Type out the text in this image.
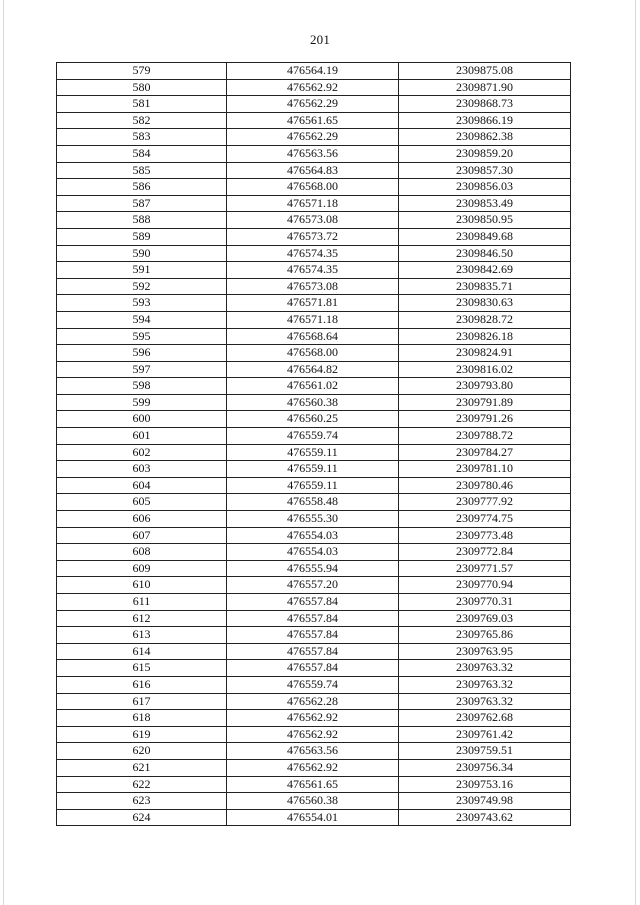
201
579	476564.19	2309875.08
580	476562.92	2309871.90
581	476562.29	2309868.73
582	476561.65	2309866.19
583	476562.29	2309862.38
584	476563.56	2309859.20
585	476564.83	2309857.30
586	476568.00	2309856.03
587	476571.18	2309853.49
588	476573.08	2309850.95
589	476573.72	2309849.68
590	476574.35	2309846.50
591	476574.35	2309842.69
592	476573.08	2309835.71
593	476571.81	2309830.63
594	476571.18	2309828.72
595	476568.64	2309826.18
596	476568.00	2309824.91
597	476564.82	2309816.02
598	476561.02	2309793.80
599	476560.38	2309791.89
600	476560.25	2309791.26
601	476559.74	2309788.72
602	476559.11	2309784.27
603	476559.11	2309781.10
604	476559.11	2309780.46
605	476558.48	2309777.92
606	476555.30	2309774.75
607	476554.03	2309773.48
608	476554.03	2309772.84
609	476555.94	2309771.57
610	476557.20	2309770.94
611	476557.84	2309770.31
612	476557.84	2309769.03
613	476557.84	2309765.86
614	476557.84	2309763.95
615	476557.84	2309763.32
616	476559.74	2309763.32
617	476562.28	2309763.32
618	476562.92	2309762.68
619	476562.92	2309761.42
620	476563.56	2309759.51
621	476562.92	2309756.34
622	476561.65	2309753.16
623	476560.38	2309749.98
624	476554.01	2309743.62
